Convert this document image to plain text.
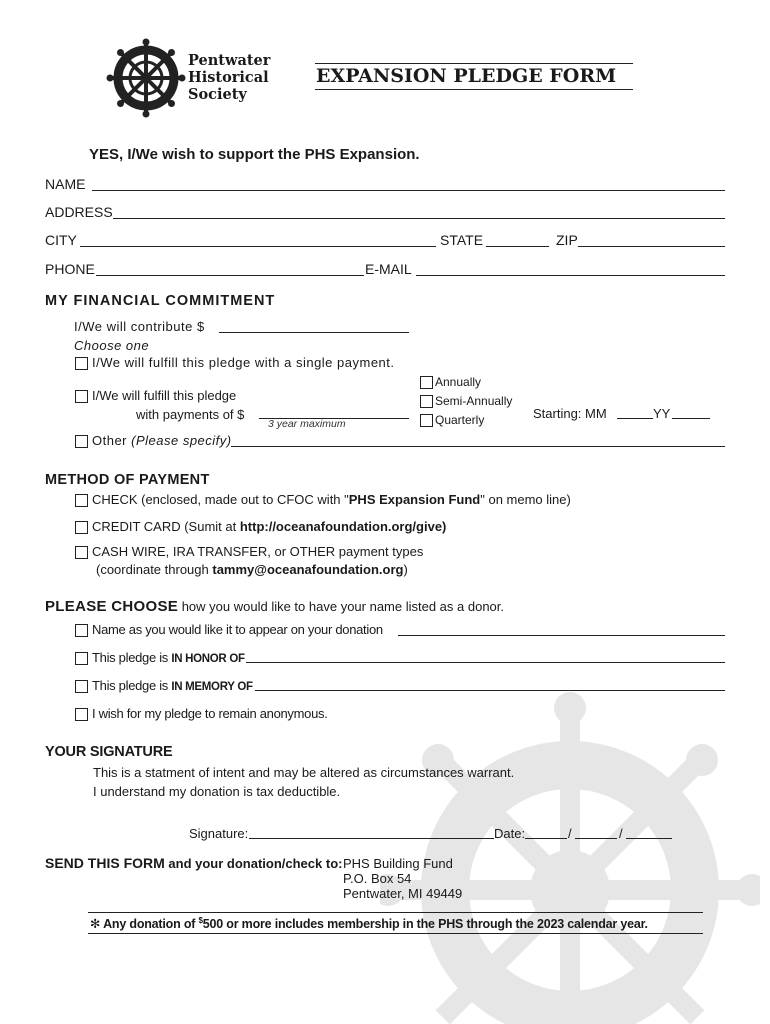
Pentwater
Historical
Society
EXPANSION PLEDGE FORM
YES, I/We wish to support the PHS Expansion.
NAME
ADDRESS
CITY	STATE	ZIP
PHONE	E-MAIL
MY FINANCIAL COMMITMENT
I/We will contribute $
Choose one
I/We will fulfill this pledge with a single payment.
I/We will fulfill this pledge
with payments of $
3 year maximum
Annually
Semi-Annually
Quarterly	Starting: MM	YY
Other (Please specify)
METHOD OF PAYMENT
CHECK (enclosed, made out to CFOC with "PHS Expansion Fund" on memo line)
CREDIT CARD (Sumit at http://oceanafoundation.org/give)
CASH WIRE, IRA TRANSFER, or OTHER payment types
(coordinate through tammy@oceanafoundation.org)
PLEASE CHOOSE how you would like to have your name listed as a donor.
Name as you would like it to appear on your donation
This pledge is IN HONOR OF
This pledge is IN MEMORY OF
I wish for my pledge to remain anonymous.
YOUR SIGNATURE
This is a statment of intent and may be altered as circumstances warrant.
I understand my donation is tax deductible.
Signature:	Date:	/	/
SEND THIS FORM and your donation/check to: PHS Building Fund
P.O. Box 54
Pentwater, MI 49449
✻ Any donation of $500 or more includes membership in the PHS through the 2023 calendar year.
